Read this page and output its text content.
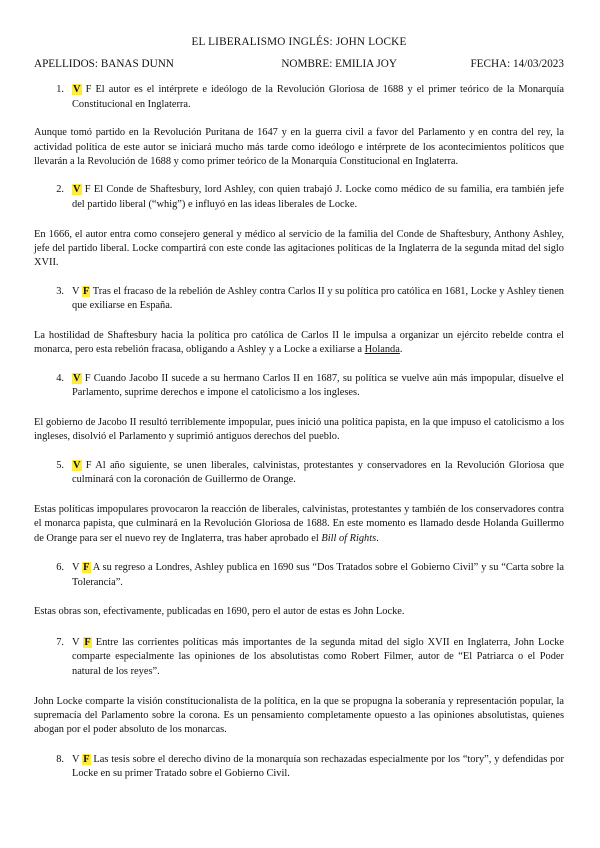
EL LIBERALISMO INGLÉS: JOHN LOCKE
APELLIDOS: BANAS DUNN	NOMBRE: EMILIA JOY	FECHA: 14/03/2023
1. V F El autor es el intérprete e ideólogo de la Revolución Gloriosa de 1688 y el primer teórico de la Monarquía Constitucional en Inglaterra.
Aunque tomó partido en la Revolución Puritana de 1647 y en la guerra civil a favor del Parlamento y en contra del rey, la actividad política de este autor se iniciará mucho más tarde como ideólogo e intérprete de los acontecimientos políticos que llevarán a la Revolución de 1688 y como primer teórico de la Monarquía Constitucional en Inglaterra.
2. V F El Conde de Shaftesbury, lord Ashley, con quien trabajó J. Locke como médico de su familia, era también jefe del partido liberal (“whig”) e influyó en las ideas liberales de Locke.
En 1666, el autor entra como consejero general y médico al servicio de la familia del Conde de Shaftesbury, Anthony Ashley, jefe del partido liberal. Locke compartirá con este conde las agitaciones políticas de la Inglaterra de la segunda mitad del siglo XVII.
3. V F Tras el fracaso de la rebelión de Ashley contra Carlos II y su política pro católica en 1681, Locke y Ashley tienen que exiliarse en España.
La hostilidad de Shaftesbury hacia la política pro católica de Carlos II le impulsa a organizar un ejército rebelde contra el monarca, pero esta rebelión fracasa, obligando a Ashley y a Locke a exiliarse a Holanda.
4. V F Cuando Jacobo II sucede a su hermano Carlos II en 1687, su política se vuelve aún más impopular, disuelve el Parlamento, suprime derechos e impone el catolicismo a los ingleses.
El gobierno de Jacobo II resultó terriblemente impopular, pues inició una política papista, en la que impuso el catolicismo a los ingleses, disolvió el Parlamento y suprimió antiguos derechos del pueblo.
5. V F Al año siguiente, se unen liberales, calvinistas, protestantes y conservadores en la Revolución Gloriosa que culminará con la coronación de Guillermo de Orange.
Estas políticas impopulares provocaron la reacción de liberales, calvinistas, protestantes y también de los conservadores contra el monarca papista, que culminará en la Revolución Gloriosa de 1688. En este momento es llamado desde Holanda Guillermo de Orange para ser el nuevo rey de Inglaterra, tras haber aprobado el Bill of Rights.
6. V F A su regreso a Londres, Ashley publica en 1690 sus “Dos Tratados sobre el Gobierno Civil” y su “Carta sobre la Tolerancia”.
Estas obras son, efectivamente, publicadas en 1690, pero el autor de estas es John Locke.
7. V F Entre las corrientes políticas más importantes de la segunda mitad del siglo XVII en Inglaterra, John Locke comparte especialmente las opiniones de los absolutistas como Robert Filmer, autor de “El Patriarca o el Poder natural de los reyes”.
John Locke comparte la visión constitucionalista de la política, en la que se propugna la soberanía y representación popular, la supremacía del Parlamento sobre la corona. Es un pensamiento completamente opuesto a las opiniones absolutistas, quienes abogan por el poder absoluto de los monarcas.
8. V F Las tesis sobre el derecho divino de la monarquía son rechazadas especialmente por los “tory”, y defendidas por Locke en su primer Tratado sobre el Gobierno Civil.
